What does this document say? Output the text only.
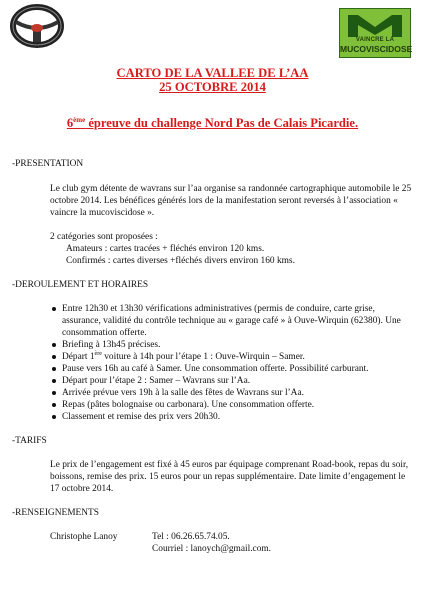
VAINCRE LA
MUCOVISCIDOSE
CARTO DE LA VALLEE DE L’AA
25 OCTOBRE 2014
6ème épreuve du challenge Nord Pas de Calais Picardie.

-PRESENTATION

Le club gym détente de wavrans sur l’aa organise sa randonnée cartographique automobile le 25 octobre 2014. Les bénéfices générés lors de la manifestation seront reversés à l’association « vaincre la mucoviscidose ».

2 catégories sont proposées :

Amateurs : cartes tracées + fléchés environ 120 kms.

Confirmés : cartes diverses +fléchés divers environ 160 kms.

-DEROULEMENT ET HORAIRES

Entre 12h30 et 13h30 vérifications administratives (permis de conduire, carte grise, assurance, validité du contrôle technique au « garage café » à Ouve-Wirquin (62380). Une consommation offerte.
Briefing à 13h45 précises.
Départ 1ère voiture à 14h pour l’étape 1 : Ouve-Wirquin – Samer.
Pause vers 16h au café à Samer. Une consommation offerte. Possibilité carburant.
Départ pour l’étape 2 : Samer – Wavrans sur l’Aa.
Arrivée prévue vers 19h à la salle des fêtes de Wavrans sur l’Aa.
Repas (pâtes bolognaise ou carbonara). Une consommation offerte.
Classement et remise des prix vers 20h30.

-TARIFS

Le prix de l’engagement est fixé à 45 euros par équipage comprenant Road-book, repas du soir, boissons, remise des prix. 15 euros pour un repas supplémentaire. Date limite d’engagement le 17 octobre 2014.

-RENSEIGNEMENTS

Christophe Lanoy	Tel : 06.26.65.74.05.
Courriel : lanoych@gmail.com.
